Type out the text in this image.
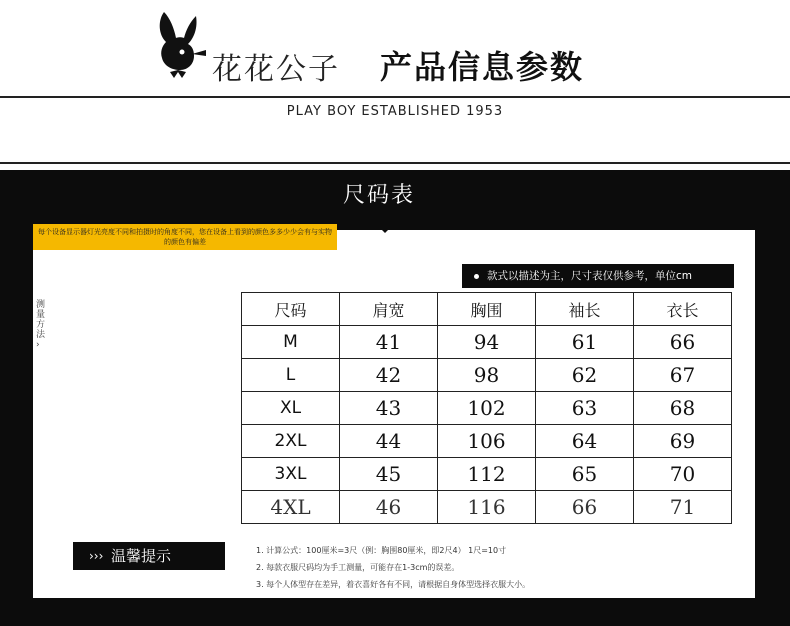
花花公子 产品信息参数
PLAY BOY ESTABLISHED 1953
尺码表
每个设备显示器灯光亮度不同和拍摄时的角度不同，您在设备上看到的颜色多多少少会有与实物的颜色有偏差
款式以描述为主，尺寸表仅供参考，单位cm
测量方法
›
尺码	肩宽	胸围	袖长	衣长
M	41	94	61	66
L	42	98	62	67
XL	43	102	63	68
2XL	44	106	64	69
3XL	45	112	65	70
4XL	46	116	66	71
››› 温馨提示	1. 计算公式：100厘米=3尺（例：胸围80厘米，即2尺4） 1尺=10寸
2. 每款衣服尺码均为手工测量，可能存在1-3cm的误差。
3. 每个人体型存在差异，着衣喜好各有不同，请根据自身体型选择衣服大小。
